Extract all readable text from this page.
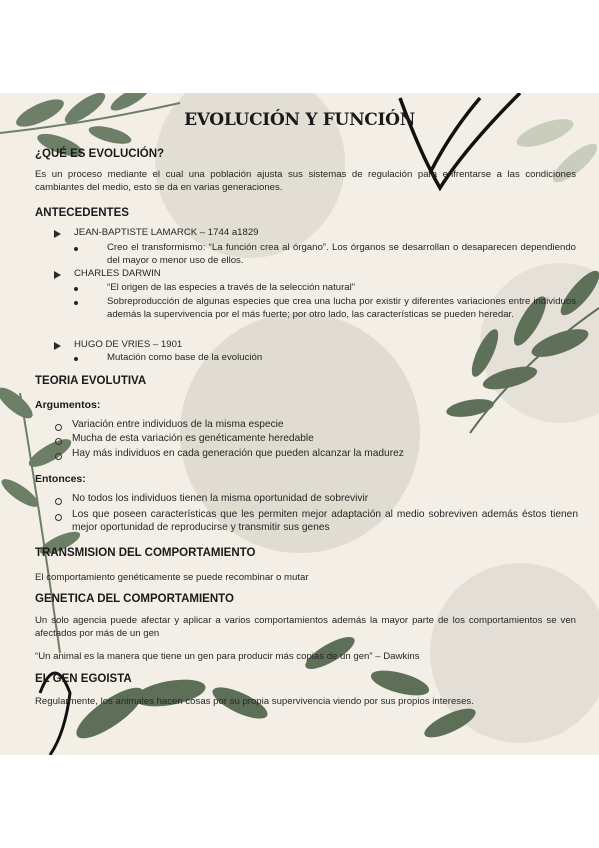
EVOLUCIÓN Y FUNCIÓN
¿QUÉ ES EVOLUCIÓN?

Es un proceso mediante el cual una población ajusta sus sistemas de regulación para enfrentarse a las condiciones cambiantes del medio, esto se da en varias generaciones.

ANTECEDENTES

JEAN-BAPTISTE LAMARCK – 1744 a1829

Creo el transformismo: “La función crea al órgano”. Los órganos se desarrollan o desaparecen dependiendo del mayor o menor uso de ellos.

CHARLES DARWIN

“El origen de las especies a través de la selección natural”

Sobreproducción de algunas especies que crea una lucha por existir y diferentes variaciones entre individuos además la supervivencia por el más fuerte; por otro lado, las características se pueden heredar.

HUGO DE VRIES – 1901

Mutación como base de la evolución

TEORIA EVOLUTIVA
Argumentos:

Variación entre individuos de la misma especie

Mucha de esta variación es genéticamente heredable

Hay más individuos en cada generación que pueden alcanzar la madurez

Entonces:

No todos los individuos tienen la misma oportunidad de sobrevivir

Los que poseen características que les permiten mejor adaptación al medio sobreviven además éstos tienen mejor oportunidad de reproducirse y transmitir sus genes

TRANSMISION DEL COMPORTAMIENTO

El comportamiento genéticamente se puede recombinar o mutar

GENETICA DEL COMPORTAMIENTO

Un solo agencia puede afectar y aplicar a varios comportamientos además la mayor parte de los comportamientos se ven afectados por más de un gen

“Un animal es la manera que tiene un gen para producir más copias de un gen” – Dawkins

EL GEN EGOISTA

Regularmente, los animales hacen cosas por su propia supervivencia viendo por sus propios intereses.
